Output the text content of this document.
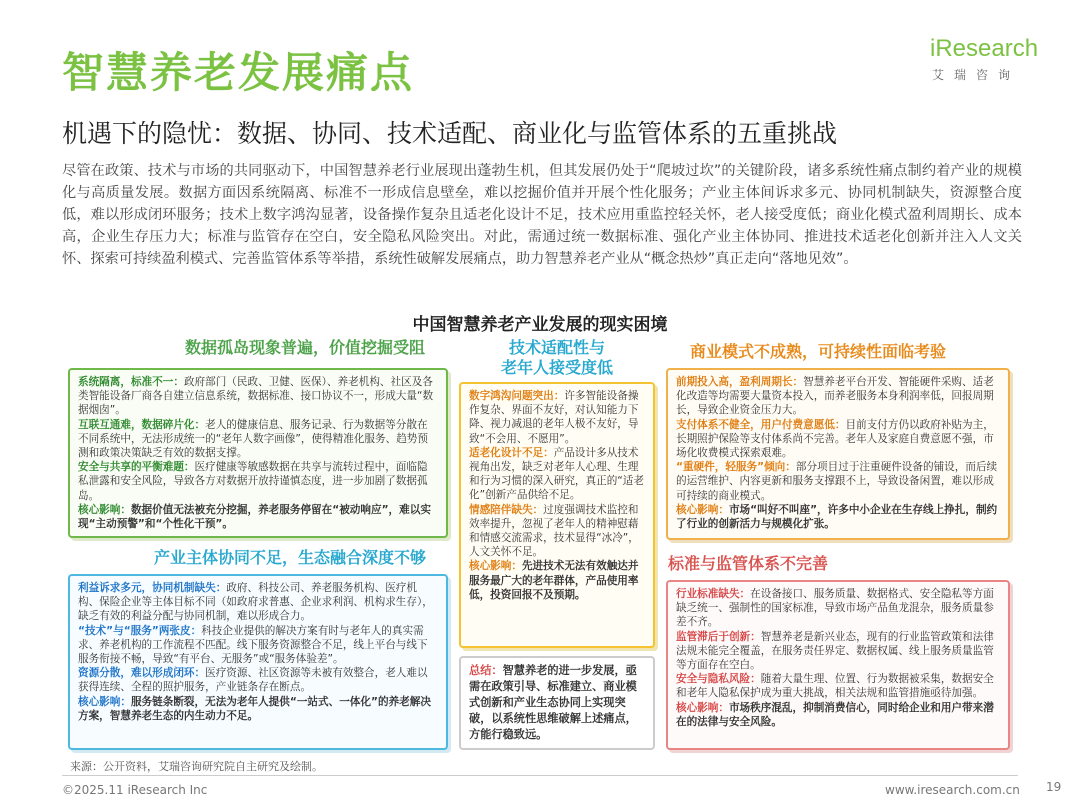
智慧养老发展痛点	iResearch
艾瑞咨询
机遇下的隐忧：数据、协同、技术适配、商业化与监管体系的五重挑战
尽管在政策、技术与市场的共同驱动下，中国智慧养老行业展现出蓬勃生机，但其发展仍处于“爬坡过坎”的关键阶段，诸多系统性痛点制约着产业的规模化与高质量发展。数据方面因系统隔离、标准不一形成信息壁垒，难以挖掘价值并开展个性化服务；产业主体间诉求多元、协同机制缺失，资源整合度低，难以形成闭环服务；技术上数字鸿沟显著，设备操作复杂且适老化设计不足，技术应用重监控轻关怀，老人接受度低；商业化模式盈利周期长、成本高，企业生存压力大；标准与监管存在空白，安全隐私风险突出。对此，需通过统一数据标准、强化产业主体协同、推进技术适老化创新并注入人文关怀、探索可持续盈利模式、完善监管体系等举措，系统性破解发展痛点，助力智慧养老产业从“概念热炒”真正走向“落地见效”。
中国智慧养老产业发展的现实困境
数据孤岛现象普遍，价值挖掘受阻

系统隔离，标准不一：政府部门（民政、卫健、医保）、养老机构、社区及各类智能设备厂商各自建立信息系统，数据标准、接口协议不一，形成大量“数据烟囱”。

互联互通难，数据碎片化：老人的健康信息、服务记录、行为数据等分散在不同系统中，无法形成统一的“老年人数字画像”，使得精准化服务、趋势预测和政策决策缺乏有效的数据支撑。

安全与共享的平衡难题：医疗健康等敏感数据在共享与流转过程中，面临隐私泄露和安全风险，导致各方对数据开放持谨慎态度，进一步加剧了数据孤岛。

核心影响：数据价值无法被充分挖掘，养老服务停留在“被动响应”，难以实现“主动预警”和“个性化干预”。

产业主体协同不足，生态融合深度不够

利益诉求多元，协同机制缺失：政府、科技公司、养老服务机构、医疗机构、保险企业等主体目标不同（如政府求普惠、企业求利润、机构求生存），缺乏有效的利益分配与协同机制，难以形成合力。

“技术”与“服务”两张皮：科技企业提供的解决方案有时与老年人的真实需求、养老机构的工作流程不匹配。线下服务资源整合不足，线上平台与线下服务衔接不畅，导致“有平台、无服务”或“服务体验差”。

资源分散，难以形成闭环：医疗资源、社区资源等未被有效整合，老人难以获得连续、全程的照护服务，产业链条存在断点。

核心影响：服务链条断裂，无法为老年人提供“一站式、一体化”的养老解决方案，智慧养老生态的内生动力不足。

技术适配性与
老年人接受度低

数字鸿沟问题突出：许多智能设备操作复杂、界面不友好，对认知能力下降、视力减退的老年人极不友好，导致“不会用、不愿用”。

适老化设计不足：产品设计多从技术视角出发，缺乏对老年人心理、生理和行为习惯的深入研究，真正的“适老化”创新产品供给不足。

情感陪伴缺失：过度强调技术监控和效率提升，忽视了老年人的精神慰藉和情感交流需求，技术显得“冰冷”，人文关怀不足。

核心影响：先进技术无法有效触达并服务最广大的老年群体，产品使用率低，投资回报不及预期。

总结：智慧养老的进一步发展，亟需在政策引导、标准建立、商业模式创新和产业生态协同上实现突破，以系统性思维破解上述痛点，方能行稳致远。
商业模式不成熟，可持续性面临考验

前期投入高，盈利周期长：智慧养老平台开发、智能硬件采购、适老化改造等均需要大量资本投入，而养老服务本身利润率低，回报周期长，导致企业资金压力大。

支付体系不健全，用户付费意愿低：目前支付方仍以政府补贴为主，长期照护保险等支付体系尚不完善。老年人及家庭自费意愿不强，市场化收费模式探索艰难。

“重硬件，轻服务”倾向：部分项目过于注重硬件设备的铺设，而后续的运营维护、内容更新和服务支撑跟不上，导致设备闲置，难以形成可持续的商业模式。

核心影响：市场“叫好不叫座”，许多中小企业在生存线上挣扎，制约了行业的创新活力与规模化扩张。

标准与监管体系不完善

行业标准缺失：在设备接口、服务质量、数据格式、安全隐私等方面缺乏统一、强制性的国家标准，导致市场产品鱼龙混杂，服务质量参差不齐。

监管滞后于创新：智慧养老是新兴业态，现有的行业监管政策和法律法规未能完全覆盖，在服务责任界定、数据权属、线上服务质量监管等方面存在空白。

安全与隐私风险：随着大量生理、位置、行为数据被采集，数据安全和老年人隐私保护成为重大挑战，相关法规和监管措施亟待加强。

核心影响：市场秩序混乱，抑制消费信心，同时给企业和用户带来潜在的法律与安全风险。

来源：公开资料，艾瑞咨询研究院自主研究及绘制。
©2025.11 iResearch Inc	www.iresearch.com.cn 19
